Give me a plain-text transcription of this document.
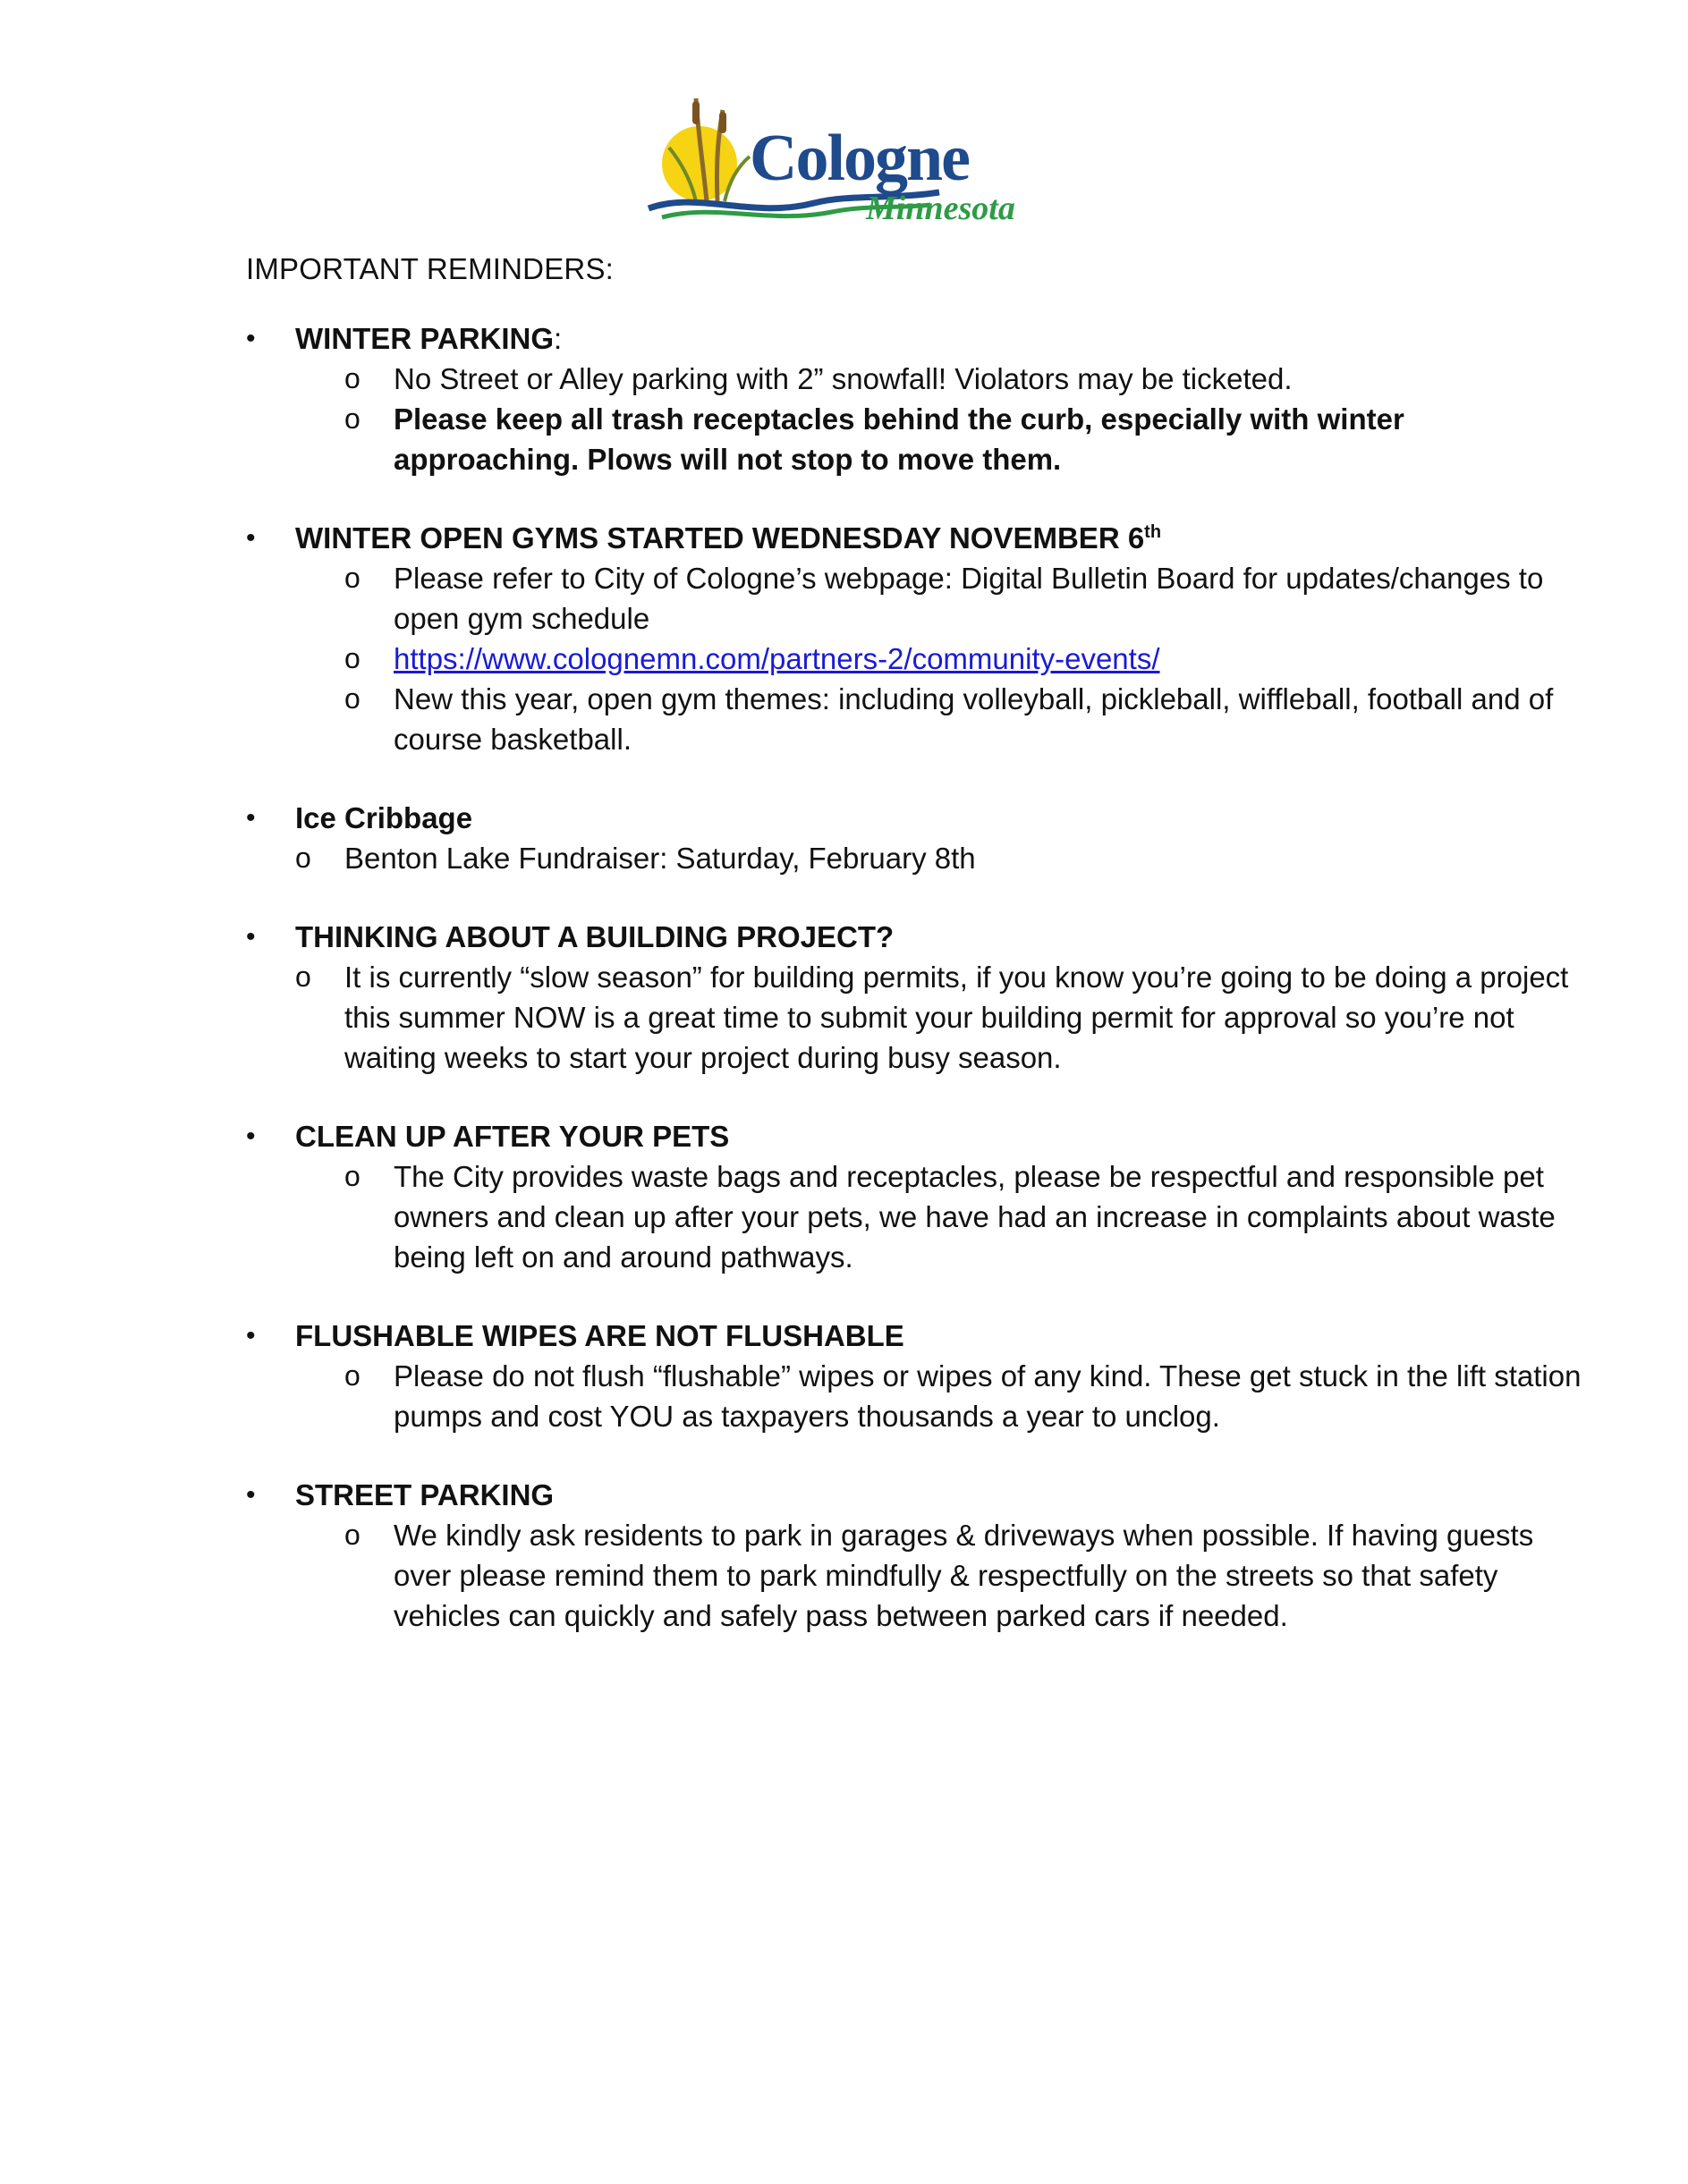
Cologne
Minnesota
IMPORTANT REMINDERS:
• WINTER PARKING:
o No Street or Alley parking with 2” snowfall! Violators may be ticketed.
o Please keep all trash receptacles behind the curb, especially with winter approaching. Plows will not stop to move them.
• WINTER OPEN GYMS STARTED WEDNESDAY NOVEMBER 6th
o Please refer to City of Cologne’s webpage: Digital Bulletin Board for updates/changes to open gym schedule
o https://www.colognemn.com/partners-2/community-events/
o New this year, open gym themes: including volleyball, pickleball, wiffleball, football and of course basketball.
• Ice Cribbage
o Benton Lake Fundraiser: Saturday, February 8th
• THINKING ABOUT A BUILDING PROJECT?
o It is currently “slow season” for building permits, if you know you’re going to be doing a project this summer NOW is a great time to submit your building permit for approval so you’re not waiting weeks to start your project during busy season.
• CLEAN UP AFTER YOUR PETS
o The City provides waste bags and receptacles, please be respectful and responsible pet owners and clean up after your pets, we have had an increase in complaints about waste being left on and around pathways.
• FLUSHABLE WIPES ARE NOT FLUSHABLE
o Please do not flush “flushable” wipes or wipes of any kind. These get stuck in the lift station pumps and cost YOU as taxpayers thousands a year to unclog.
• STREET PARKING
o We kindly ask residents to park in garages & driveways when possible. If having guests over please remind them to park mindfully & respectfully on the streets so that safety vehicles can quickly and safely pass between parked cars if needed.
